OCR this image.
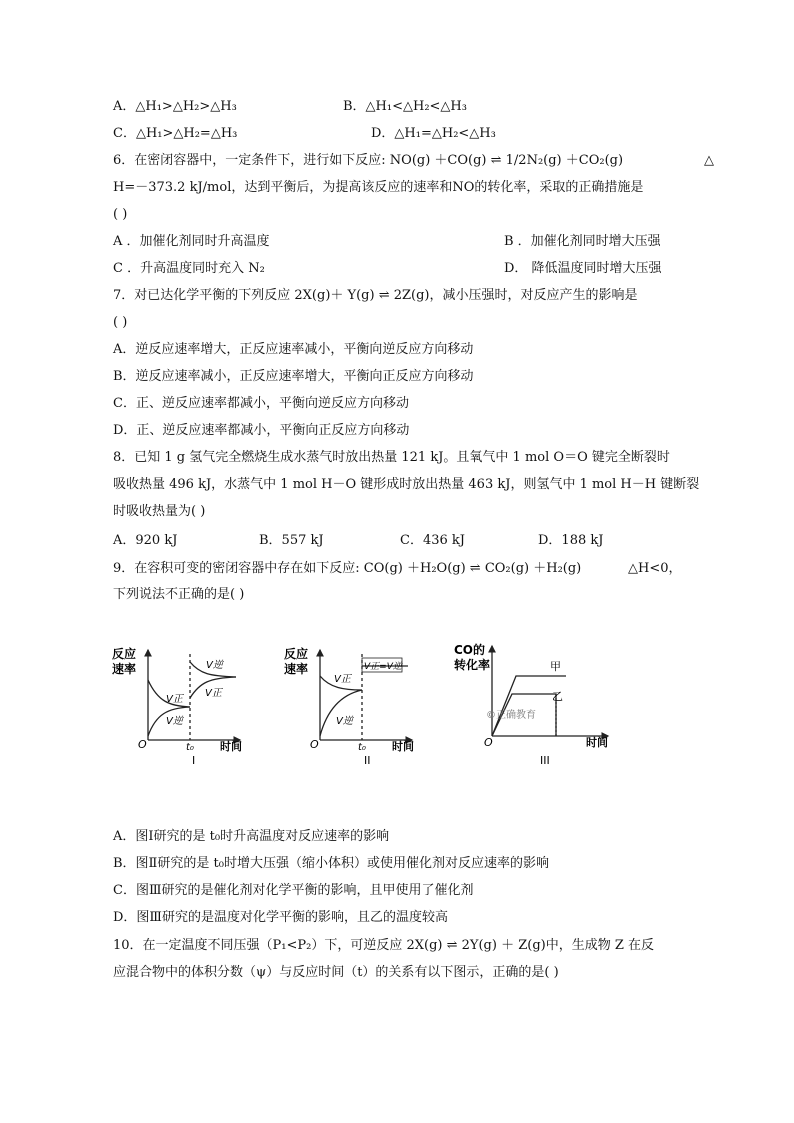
A．△H₁>△H₂>△H₃	B．△H₁<△H₂<△H₃
C．△H₁>△H₂=△H₃	D．△H₁=△H₂<△H₃
6．在密闭容器中，一定条件下，进行如下反应: NO(g) ＋CO(g) ⇌ 1/2N₂(g) ＋CO₂(g)	△
H=－373.2 kJ/mol，达到平衡后，为提高该反应的速率和NO的转化率，采取的正确措施是
( )
A ．加催化剂同时升高温度	B ．加催化剂同时增大压强
C ．升高温度同时充入 N₂	D． 降低温度同时增大压强
7．对已达化学平衡的下列反应 2X(g)＋ Y(g) ⇌ 2Z(g)，减小压强时，对反应产生的影响是
( )
A．逆反应速率增大，正反应速率减小，平衡向逆反应方向移动
B．逆反应速率减小，正反应速率增大，平衡向正反应方向移动
C．正、逆反应速率都减小，平衡向逆反应方向移动
D．正、逆反应速率都减小，平衡向正反应方向移动
8．已知 1 g 氢气完全燃烧生成水蒸气时放出热量 121 kJ。且氧气中 1 mol O＝O 键完全断裂时
吸收热量 496 kJ，水蒸气中 1 mol H－O 键形成时放出热量 463 kJ，则氢气中 1 mol H－H 键断裂
时吸收热量为( )
A．920 kJ	B．557 kJ	C．436 kJ	D．188 kJ
9．在容积可变的密闭容器中存在如下反应: CO(g) ＋H₂O(g) ⇌ CO₂(g) ＋H₂(g)	△H<0，
下列说法不正确的是( )
反应
速率	V逆
V正
V正
V逆
O	t₀ 时间
I
反应
速率	V正=V逆
V正
V逆
O	t₀ 时间
II
CO的
转化率	甲
乙
©正确教育
O	时间
III
A．图Ⅰ研究的是 t₀时升高温度对反应速率的影响
B．图Ⅱ研究的是 t₀时增大压强（缩小体积）或使用催化剂对反应速率的影响
C．图Ⅲ研究的是催化剂对化学平衡的影响，且甲使用了催化剂
D．图Ⅲ研究的是温度对化学平衡的影响，且乙的温度较高
10．在一定温度不同压强（P₁<P₂）下，可逆反应 2X(g) ⇌ 2Y(g) ＋ Z(g)中，生成物 Z 在反
应混合物中的体积分数（ψ）与反应时间（t）的关系有以下图示，正确的是( )
